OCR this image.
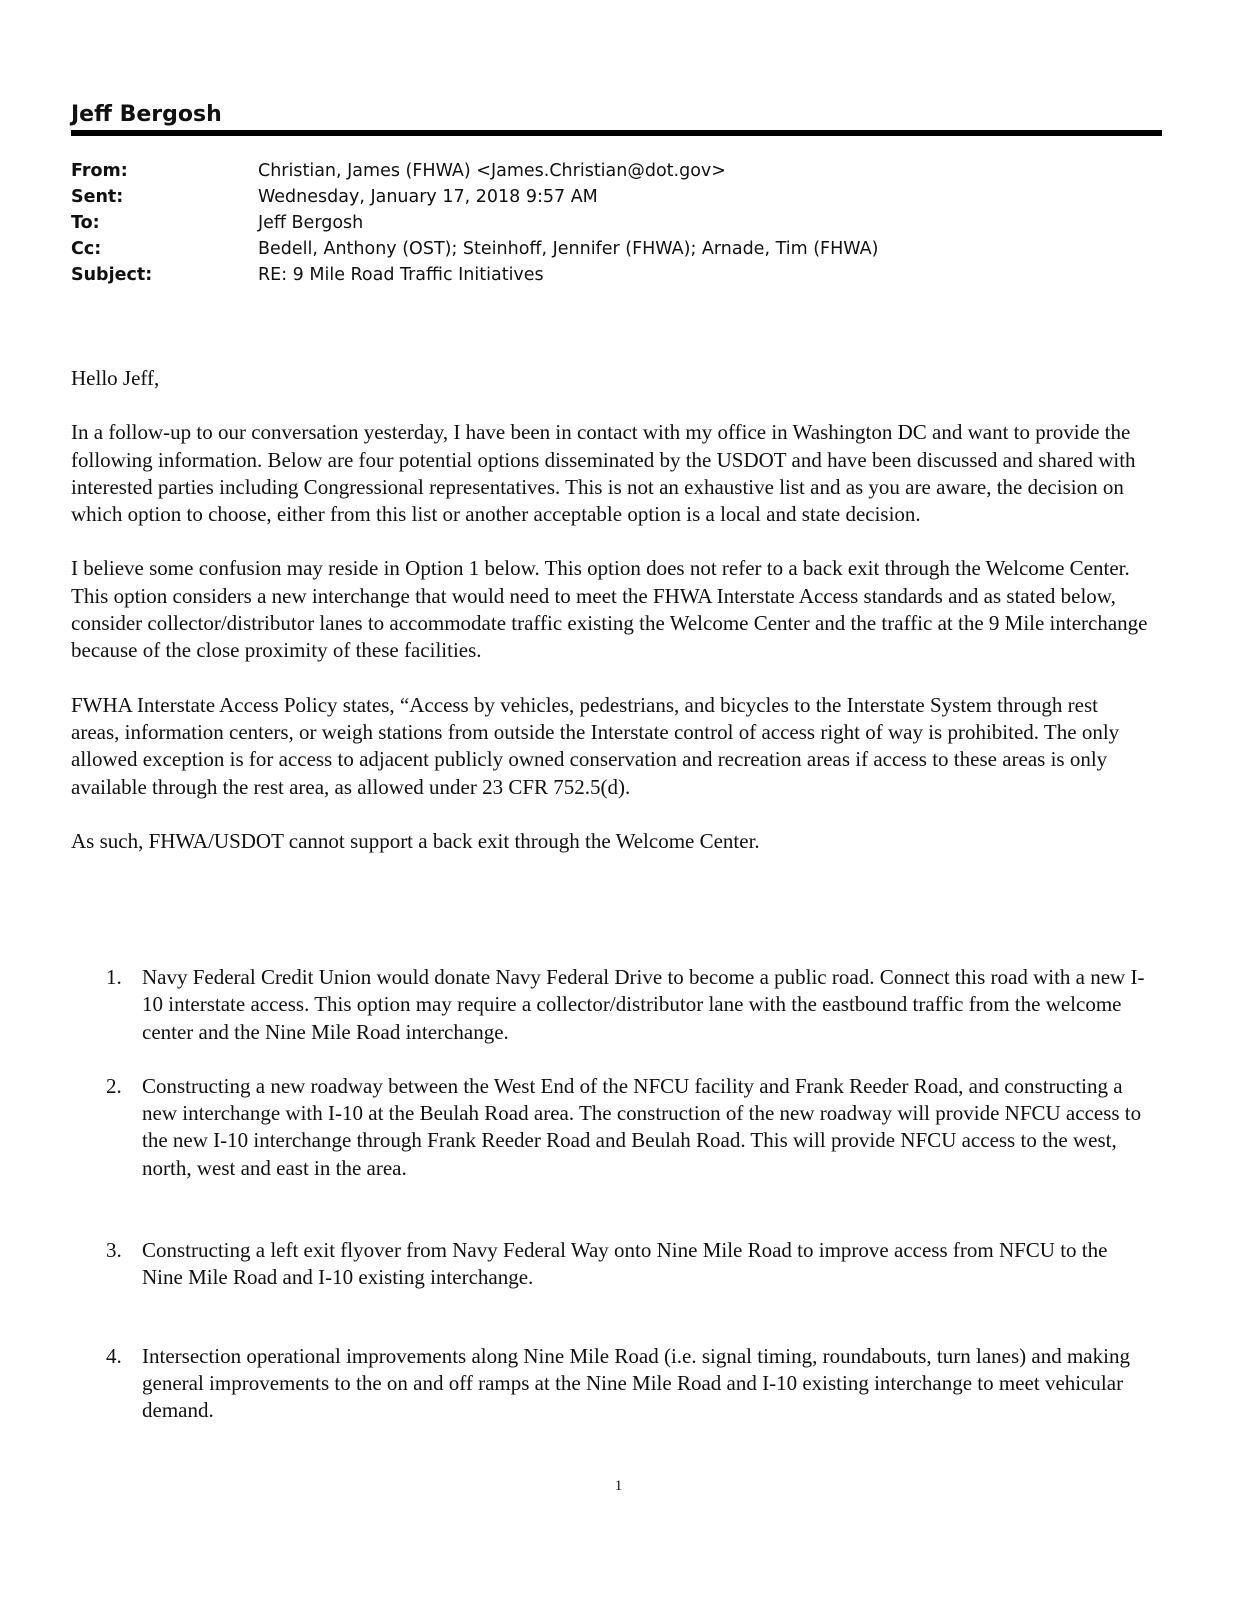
Jeff Bergosh
From:	Christian, James (FHWA) <James.Christian@dot.gov>
Sent:	Wednesday, January 17, 2018 9:57 AM
To:	Jeff Bergosh
Cc:	Bedell, Anthony (OST); Steinhoff, Jennifer (FHWA); Arnade, Tim (FHWA)
Subject:	RE: 9 Mile Road Traffic Initiatives

Hello Jeff,

In a follow-up to our conversation yesterday, I have been in contact with my office in Washington DC and want to provide the following information. Below are four potential options disseminated by the USDOT and have been discussed and shared with interested parties including Congressional representatives. This is not an exhaustive list and as you are aware, the decision on which option to choose, either from this list or another acceptable option is a local and state decision.

I believe some confusion may reside in Option 1 below. This option does not refer to a back exit through the Welcome Center. This option considers a new interchange that would need to meet the FHWA Interstate Access standards and as stated below, consider collector/distributor lanes to accommodate traffic existing the Welcome Center and the traffic at the 9 Mile interchange because of the close proximity of these facilities.

FWHA Interstate Access Policy states, “Access by vehicles, pedestrians, and bicycles to the Interstate System through rest areas, information centers, or weigh stations from outside the Interstate control of access right of way is prohibited. The only allowed exception is for access to adjacent publicly owned conservation and recreation areas if access to these areas is only available through the rest area, as allowed under 23 CFR 752.5(d).

As such, FHWA/USDOT cannot support a back exit through the Welcome Center.

1. Navy Federal Credit Union would donate Navy Federal Drive to become a public road. Connect this road with a new I-10 interstate access. This option may require a collector/distributor lane with the eastbound traffic from the welcome center and the Nine Mile Road interchange.
2. Constructing a new roadway between the West End of the NFCU facility and Frank Reeder Road, and constructing a new interchange with I-10 at the Beulah Road area. The construction of the new roadway will provide NFCU access to the new I-10 interchange through Frank Reeder Road and Beulah Road. This will provide NFCU access to the west, north, west and east in the area.
3. Constructing a left exit flyover from Navy Federal Way onto Nine Mile Road to improve access from NFCU to the Nine Mile Road and I-10 existing interchange.
4. Intersection operational improvements along Nine Mile Road (i.e. signal timing, roundabouts, turn lanes) and making general improvements to the on and off ramps at the Nine Mile Road and I-10 existing interchange to meet vehicular demand.
1
